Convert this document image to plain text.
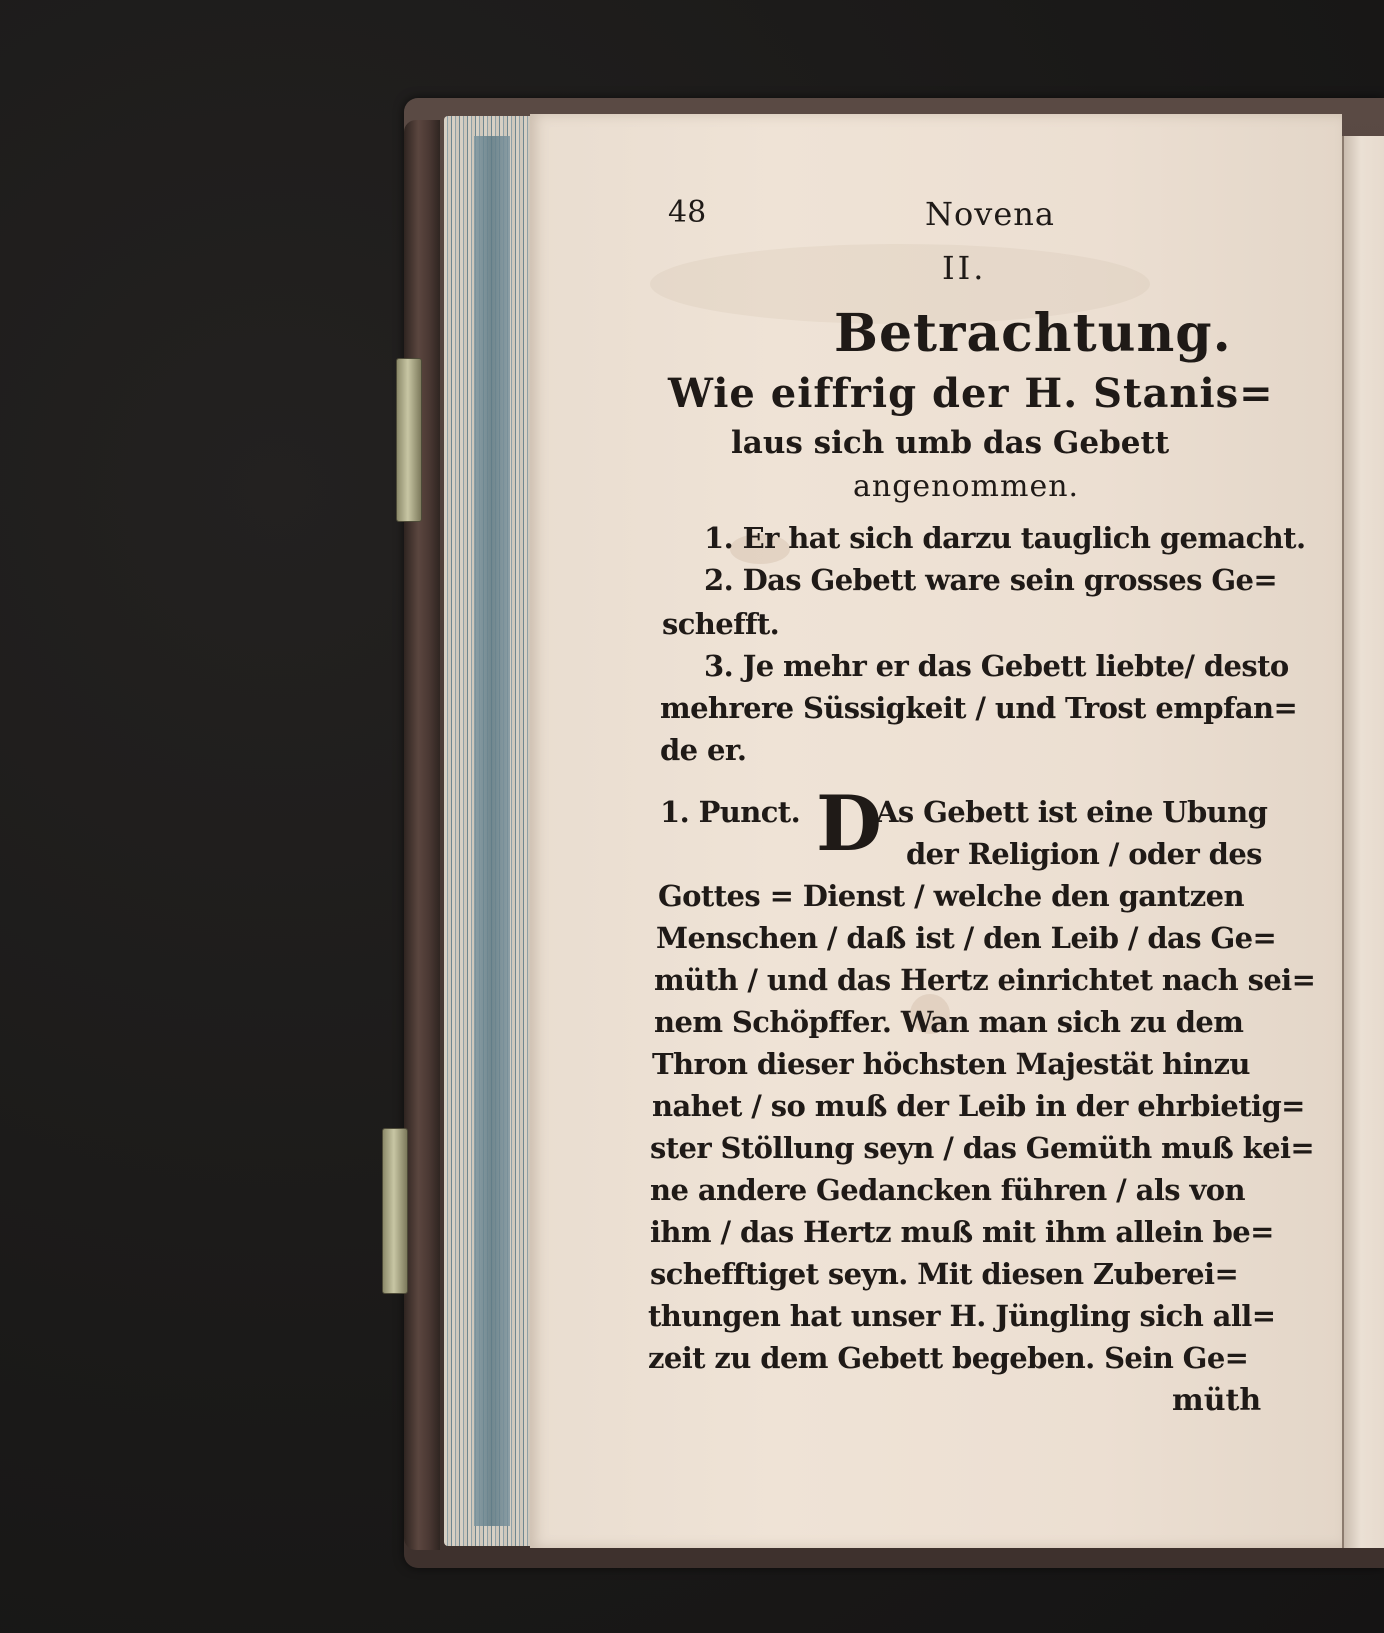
48	Novena
II.
Betrachtung.
Wie eiffrig der H. Stanis=
laus sich umb das Gebett
angenommen.
1. Er hat sich darzu tauglich gemacht.
2. Das Gebett ware sein grosses Ge=
schefft.
3. Je mehr er das Gebett liebte/ desto
mehrere Süssigkeit / und Trost empfan=
de er.
1. Punct. D
As Gebett ist eine Ubung
der Religion / oder des
Gottes = Dienst / welche den gantzen
Menschen / daß ist / den Leib / das Ge=
müth / und das Hertz einrichtet nach sei=
nem Schöpffer. Wan man sich zu dem
Thron dieser höchsten Majestät hinzu
nahet / so muß der Leib in der ehrbietig=
ster Stöllung seyn / das Gemüth muß kei=
ne andere Gedancken führen / als von
ihm / das Hertz muß mit ihm allein be=
schefftiget seyn. Mit diesen Zuberei=
thungen hat unser H. Jüngling sich all=
zeit zu dem Gebett begeben. Sein Ge=
müth
